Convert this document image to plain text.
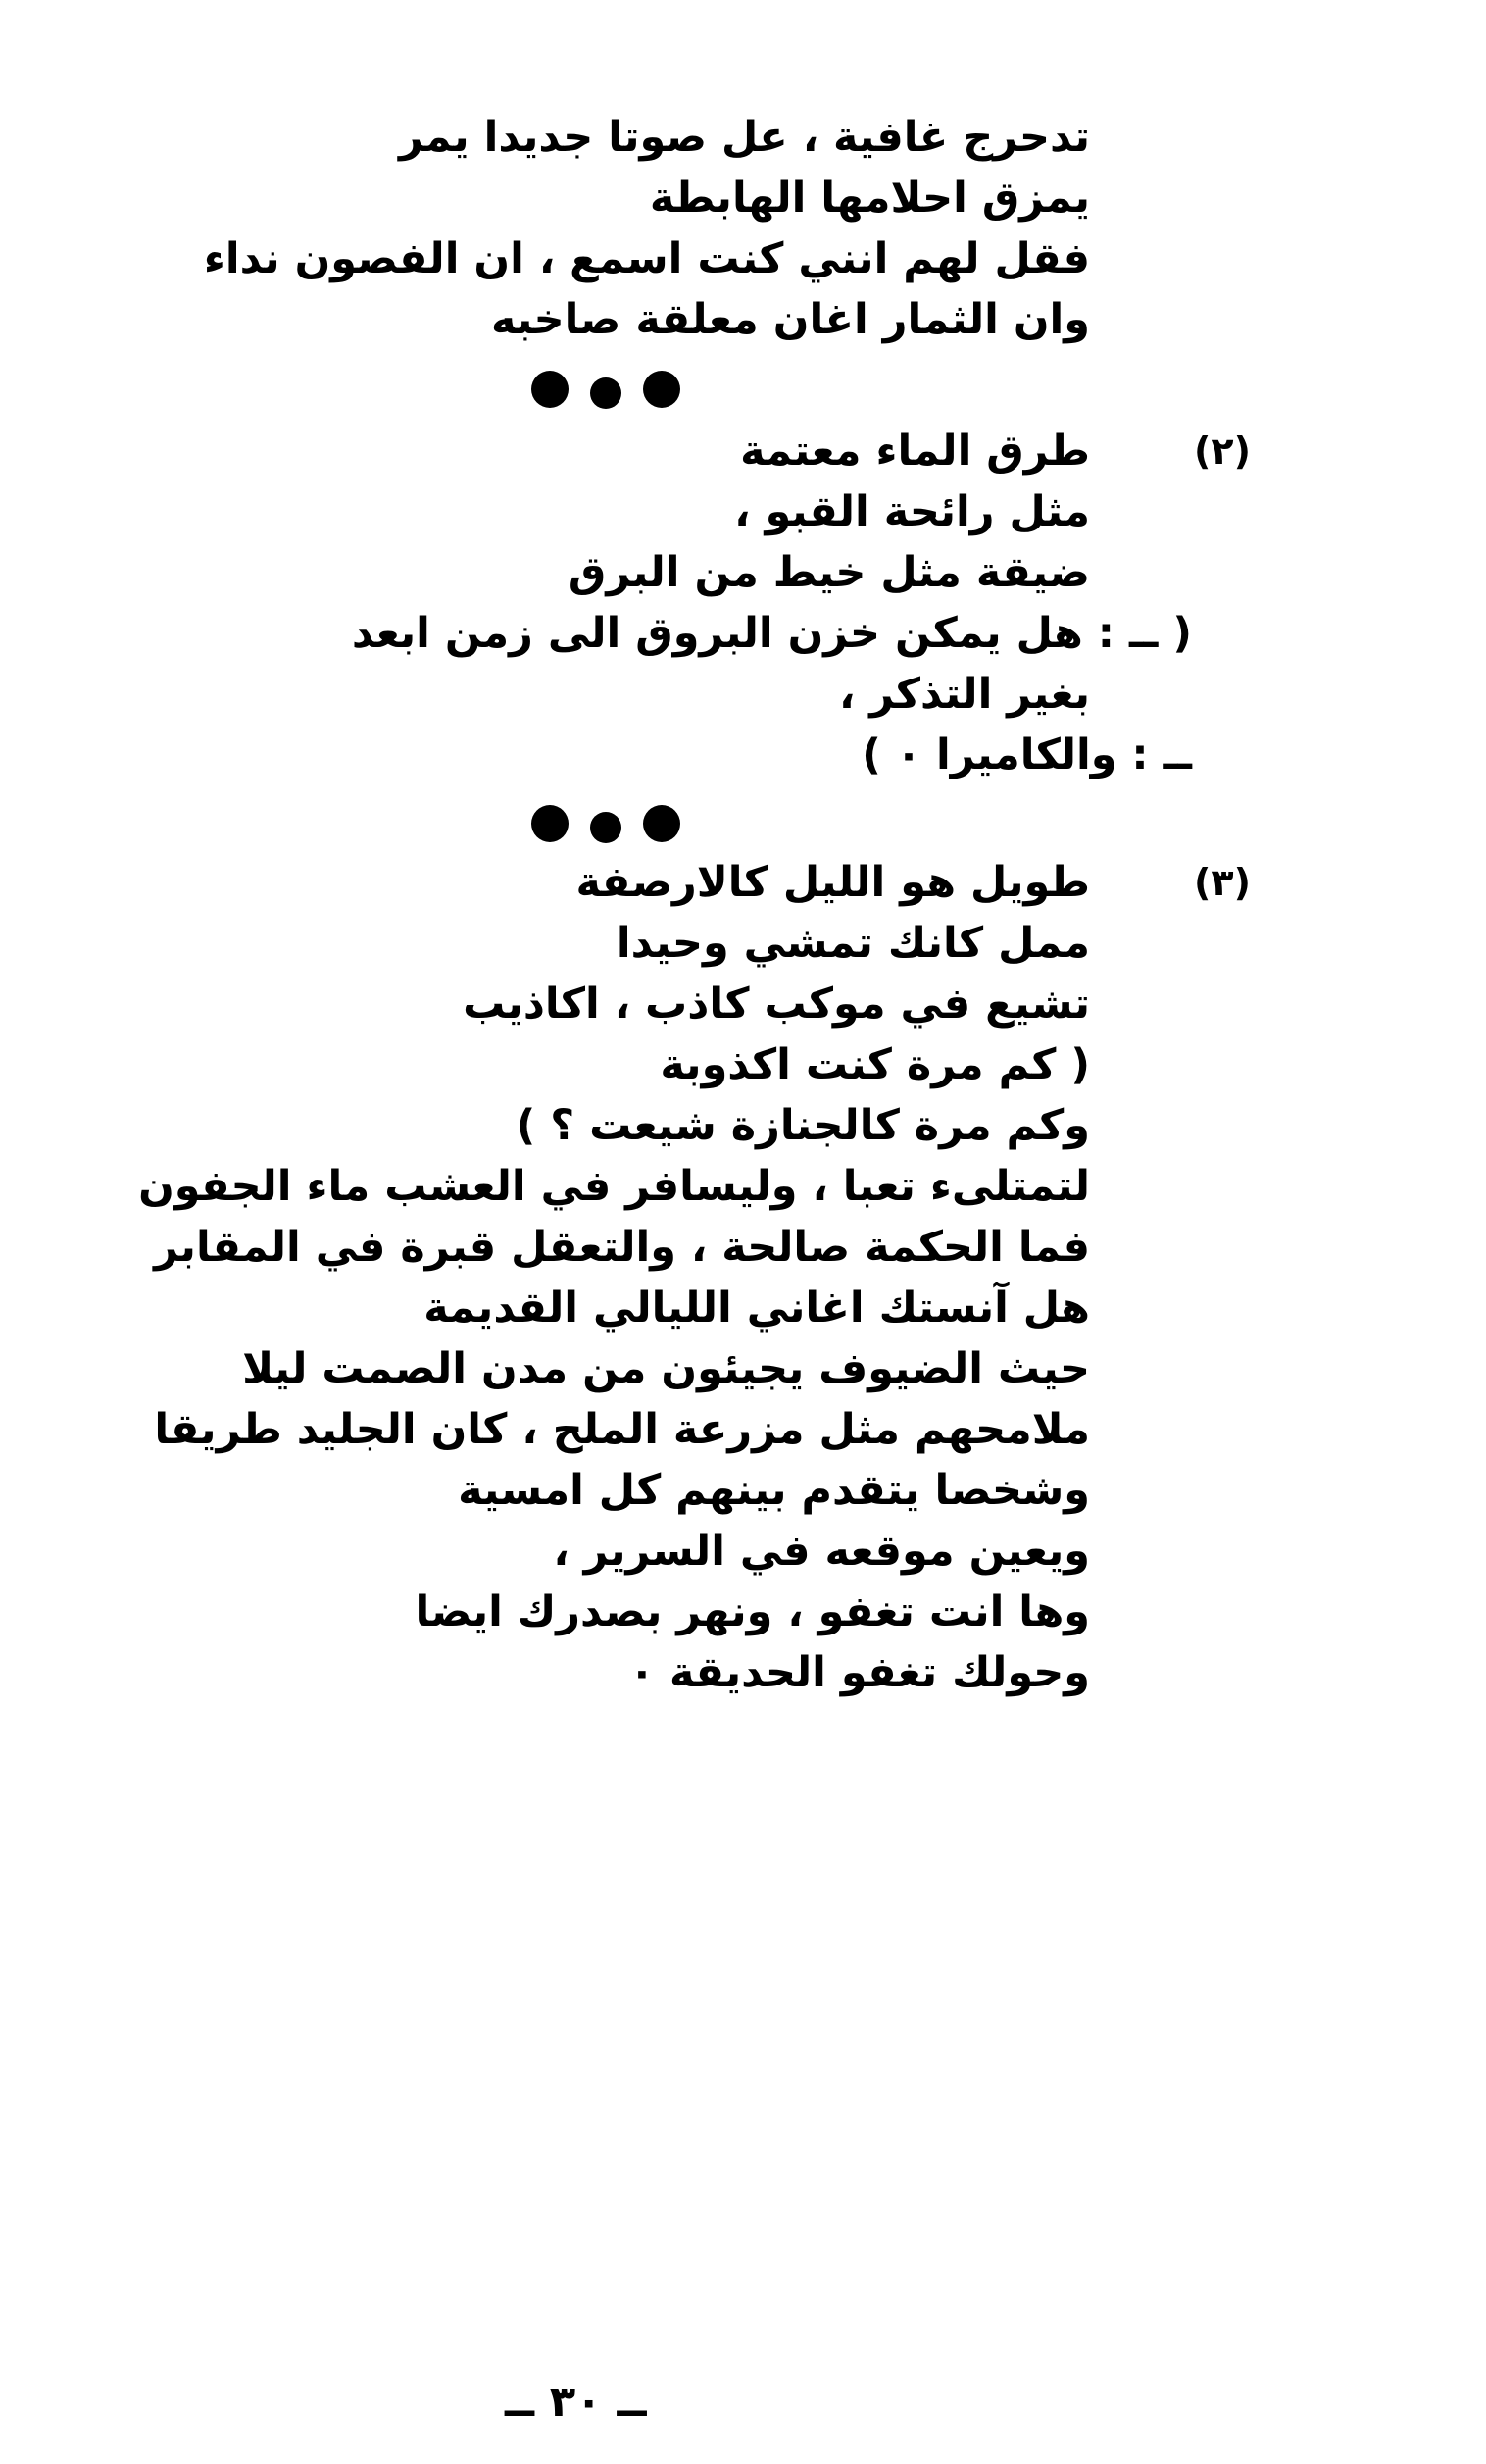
تدحرج غافية ، عل صوتا جديدا يمر
يمزق احلامها الهابطة
فقل لهم انني كنت اسمع ، ان الفصون نداء
وان الثمار اغان معلقة صاخبه
(٢)
طرق الماء معتمة
مثل رائحة القبو ،
ضيقة مثل خيط من البرق
( ــ : هل يمكن خزن البروق الى زمن ابعد
بغير التذكر ،
ــ : والكاميرا ٠ )
(٣)
طويل هو الليل كالارصفة
ممل كانك تمشي وحيدا
تشيع في موكب كاذب ، اكاذيب
( كم مرة كنت اكذوبة
وكم مرة كالجنازة شيعت ؟ )
لتمتلىء تعبا ، وليسافر في العشب ماء الجفون
فما الحكمة صالحة ، والتعقل قبرة في المقابر
هل آنستك اغاني الليالي القديمة
حيث الضيوف يجيئون من مدن الصمت ليلا
ملامحهم مثل مزرعة الملح ، كان الجليد طريقا
وشخصا يتقدم بينهم كل امسية
ويعين موقعه في السرير ،
وها انت تغفو ، ونهر بصدرك ايضا
وحولك تغفو الحديقة ٠
ــ ٣٠ ــ
